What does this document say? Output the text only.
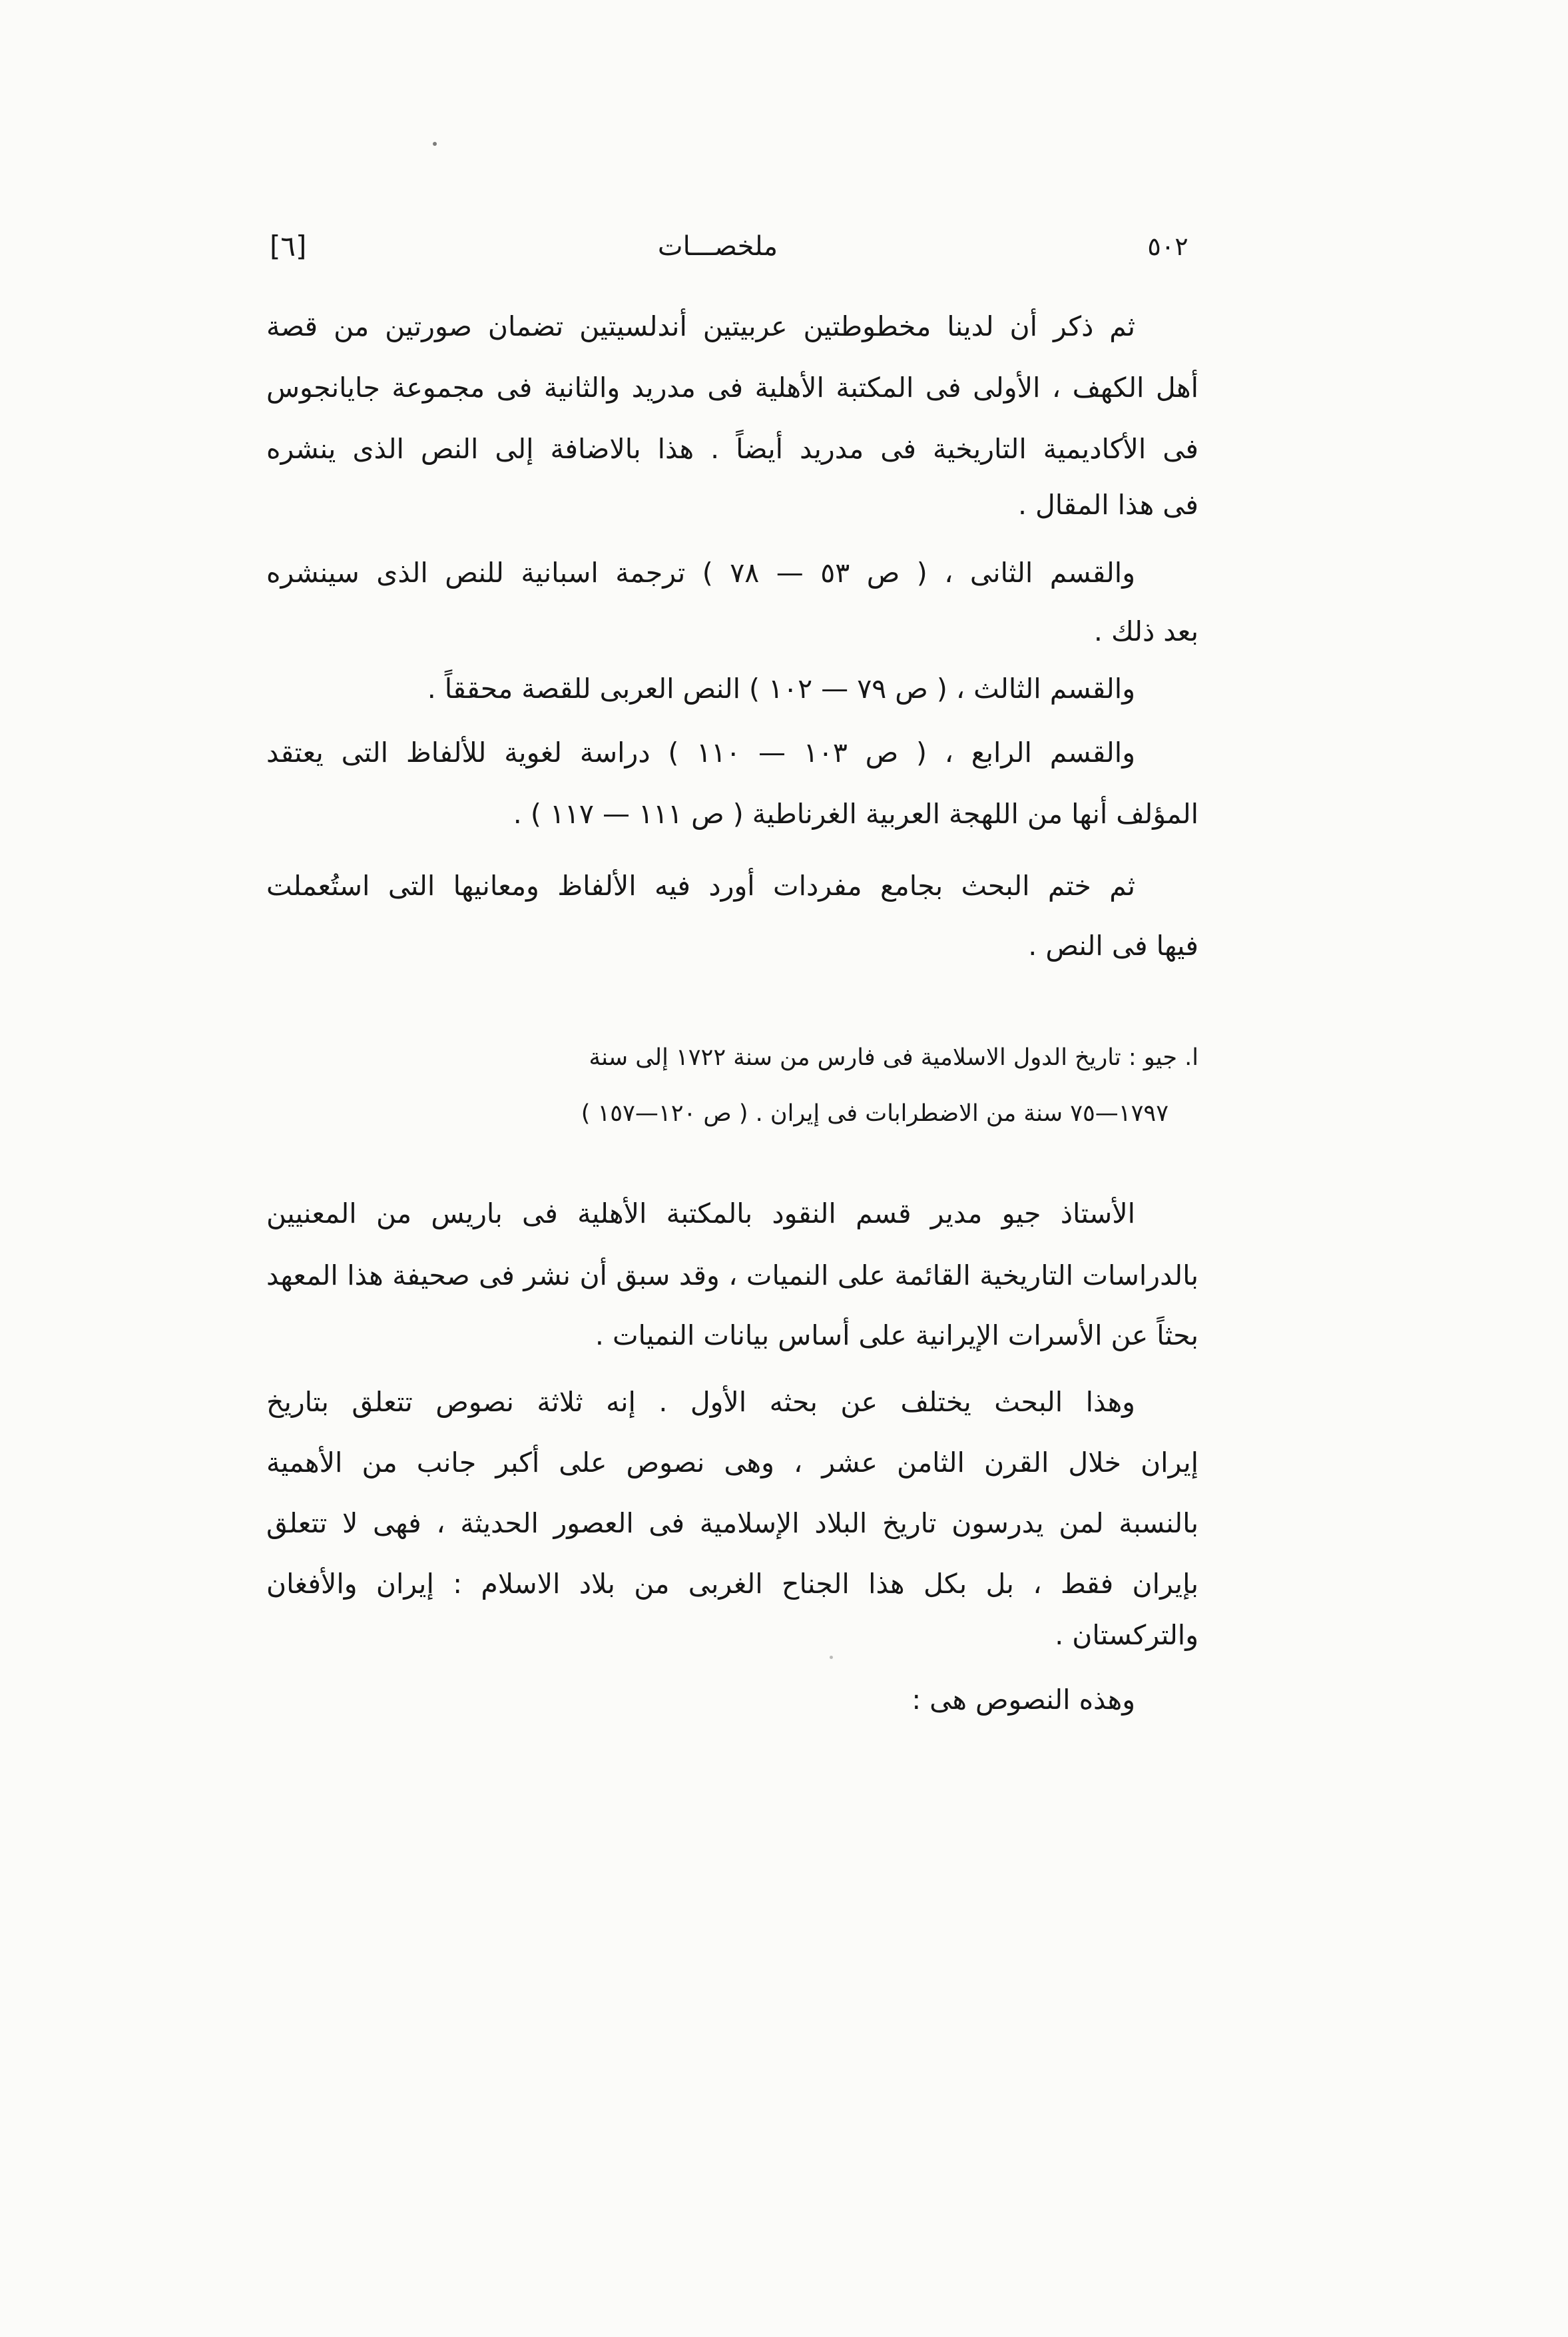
[٦]	ملخصـــات	٥٠٢
ثم ذكر أن لدينا مخطوطتين عربيتين أندلسيتين تضمان صورتين من قصة
أهل الكهف ، الأولى فى المكتبة الأهلية فى مدريد والثانية فى مجموعة جايانجوس
فى الأكاديمية التاريخية فى مدريد أيضاً . هذا بالاضافة إلى النص الذى ينشره
فى هذا المقال .
والقسم الثانى ، ( ص ٥٣ — ٧٨ ) ترجمة اسبانية للنص الذى سينشره
بعد ذلك .
والقسم الثالث ، ( ص ٧٩ — ١٠٢ ) النص العربى للقصة محققاً .
والقسم الرابع ، ( ص ١٠٣ — ١١٠ ) دراسة لغوية للألفاظ التى يعتقد
المؤلف أنها من اللهجة العربية الغرناطية ( ص ١١١ — ١١٧ ) .
ثم ختم البحث بجامع مفردات أورد فيه الألفاظ ومعانيها التى استُعملت
فيها فى النص .
ا. جيو : تاريخ الدول الاسلامية فى فارس من سنة ١٧٢٢ إلى سنة
١٧٩٧—٧٥ سنة من الاضطرابات فى إيران . ( ص ١٢٠—١٥٧ )
الأستاذ جيو مدير قسم النقود بالمكتبة الأهلية فى باريس من المعنيين
بالدراسات التاريخية القائمة على النميات ، وقد سبق أن نشر فى صحيفة هذا المعهد
بحثاً عن الأسرات الإيرانية على أساس بيانات النميات .
وهذا البحث يختلف عن بحثه الأول . إنه ثلاثة نصوص تتعلق بتاريخ
إيران خلال القرن الثامن عشر ، وهى نصوص على أكبر جانب من الأهمية
بالنسبة لمن يدرسون تاريخ البلاد الإسلامية فى العصور الحديثة ، فهى لا تتعلق
بإيران فقط ، بل بكل هذا الجناح الغربى من بلاد الاسلام : إيران والأفغان
والتركستان .
وهذه النصوص هى :
